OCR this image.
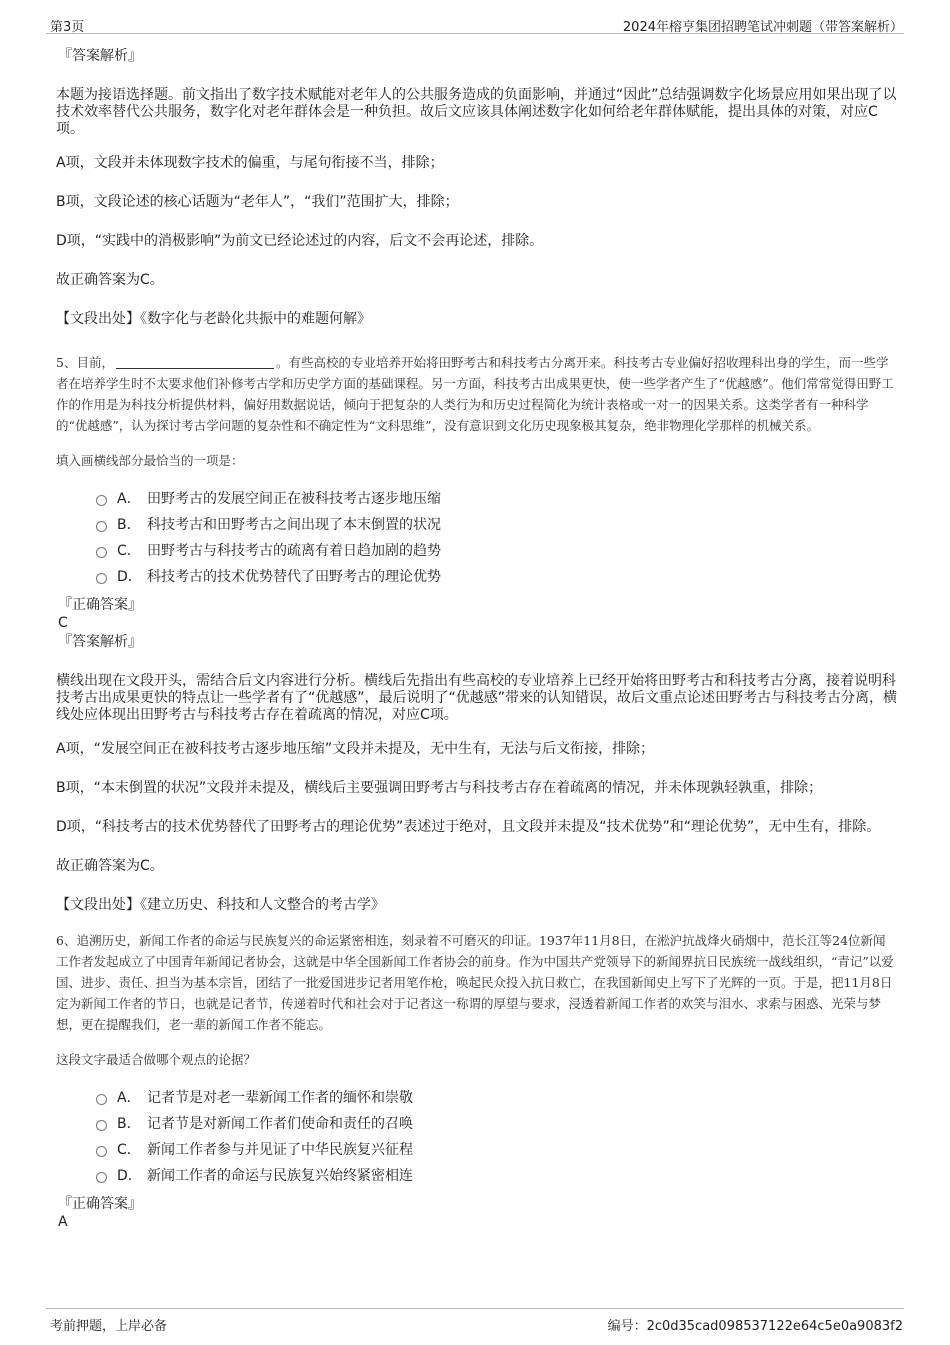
第3页	2024年榕亨集团招聘笔试冲刺题（带答案解析）

『答案解析』

本题为接语选择题。前文指出了数字技术赋能对老年人的公共服务造成的负面影响，并通过“因此”总结强调数字化场景应用如果出现了以技术效率替代公共服务，数字化对老年群体会是一种负担。故后文应该具体阐述数字化如何给老年群体赋能，提出具体的对策，对应C项。

A项，文段并未体现数字技术的偏重，与尾句衔接不当，排除；

B项，文段论述的核心话题为“老年人”，“我们”范围扩大，排除；

D项，“实践中的消极影响”为前文已经论述过的内容，后文不会再论述，排除。

故正确答案为C。

【文段出处】《数字化与老龄化共振中的难题何解》

5、目前，	。有些高校的专业培养开始将田野考古和科技考古分离开来。科技考古专业偏好招收理科出身的学生，而一些学者在培养学生时不太要求他们补修考古学和历史学方面的基础课程。另一方面，科技考古出成果更快，使一些学者产生了“优越感”。他们常常觉得田野工作的作用是为科技分析提供材料，偏好用数据说话，倾向于把复杂的人类行为和历史过程简化为统计表格或一对一的因果关系。这类学者有一种科学的“优越感”，认为探讨考古学问题的复杂性和不确定性为“文科思维”，没有意识到文化历史现象极其复杂，绝非物理化学那样的机械关系。

填入画横线部分最恰当的一项是：

A． 田野考古的发展空间正在被科技考古逐步地压缩
B． 科技考古和田野考古之间出现了本末倒置的状况
C． 田野考古与科技考古的疏离有着日趋加剧的趋势
D． 科技考古的技术优势替代了田野考古的理论优势

『正确答案』

C

『答案解析』

横线出现在文段开头，需结合后文内容进行分析。横线后先指出有些高校的专业培养上已经开始将田野考古和科技考古分离，接着说明科技考古出成果更快的特点让一些学者有了“优越感”，最后说明了“优越感”带来的认知错误，故后文重点论述田野考古与科技考古分离，横线处应体现出田野考古与科技考古存在着疏离的情况，对应C项。

A项，“发展空间正在被科技考古逐步地压缩”文段并未提及，无中生有，无法与后文衔接，排除；

B项，“本末倒置的状况”文段并未提及，横线后主要强调田野考古与科技考古存在着疏离的情况，并未体现孰轻孰重，排除；

D项，“科技考古的技术优势替代了田野考古的理论优势”表述过于绝对，且文段并未提及“技术优势”和“理论优势”，无中生有，排除。

故正确答案为C。

【文段出处】《建立历史、科技和人文整合的考古学》

6、追溯历史，新闻工作者的命运与民族复兴的命运紧密相连，刻录着不可磨灭的印证。1937年11月8日，在淞沪抗战烽火硝烟中，范长江等24位新闻工作者发起成立了中国青年新闻记者协会，这就是中华全国新闻工作者协会的前身。作为中国共产党领导下的新闻界抗日民族统一战线组织，“青记”以爱国、进步、责任、担当为基本宗旨，团结了一批爱国进步记者用笔作枪，唤起民众投入抗日救亡，在我国新闻史上写下了光辉的一页。于是，把11月8日定为新闻工作者的节日，也就是记者节，传递着时代和社会对于记者这一称谓的厚望与要求，浸透着新闻工作者的欢笑与泪水、求索与困惑、光荣与梦想，更在提醒我们，老一辈的新闻工作者不能忘。

这段文字最适合做哪个观点的论据？

A． 记者节是对老一辈新闻工作者的缅怀和崇敬
B． 记者节是对新闻工作者们使命和责任的召唤
C． 新闻工作者参与并见证了中华民族复兴征程
D． 新闻工作者的命运与民族复兴始终紧密相连

『正确答案』

A

考前押题，上岸必备	编号：2c0d35cad098537122e64c5e0a9083f2
